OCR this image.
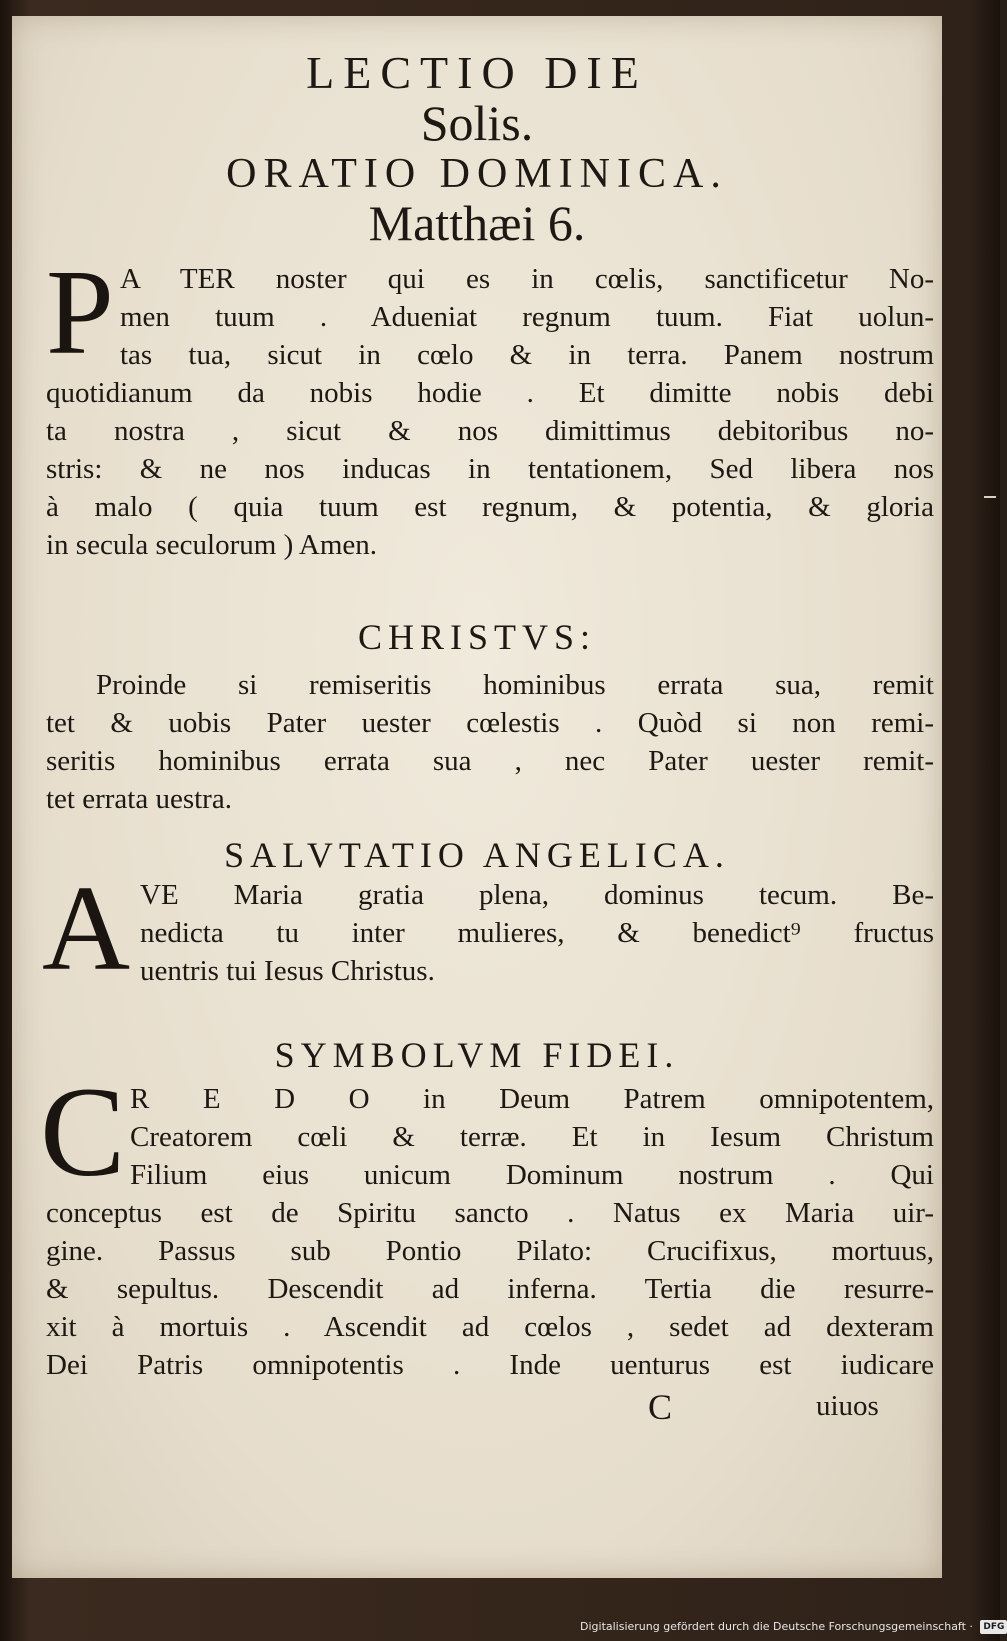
LECTIO DIE
Solis.
ORATIO DOMINICA.
Matthæi 6.
P A TER noster qui es in cœlis, sanctificetur No-
men tuum . Adueniat regnum tuum. Fiat uolun-
tas tua, sicut in cœlo & in terra. Panem nostrum
quotidianum da nobis hodie . Et dimitte nobis debi
ta nostra , sicut & nos dimittimus debitoribus no-
stris: & ne nos inducas in tentationem, Sed libera nos
à malo ( quia tuum est regnum, & potentia, & gloria
in secula seculorum ) Amen.
CHRISTVS:
Proinde si remiseritis hominibus errata sua, remit
tet & uobis Pater uester cœlestis . Quòd si non remi-
seritis hominibus errata sua , nec Pater uester remit-
tet errata uestra.
SALVTATIO ANGELICA.
A VE Maria gratia plena, dominus tecum. Be-
nedicta tu inter mulieres, & benedict⁹ fructus
uentris tui Iesus Christus.
SYMBOLVM FIDEI.
C R E D O in Deum Patrem omnipotentem,
Creatorem cœli & terræ. Et in Iesum Christum
Filium eius unicum Dominum nostrum . Qui
conceptus est de Spiritu sancto . Natus ex Maria uir-
gine. Passus sub Pontio Pilato: Crucifixus, mortuus,
& sepultus. Descendit ad inferna. Tertia die resurre-
xit à mortuis . Ascendit ad cœlos , sedet ad dexteram
Dei Patris omnipotentis . Inde uenturus est iudicare
C	uiuos
Digitalisierung gefördert durch die Deutsche Forschungsgemeinschaft · DFG
